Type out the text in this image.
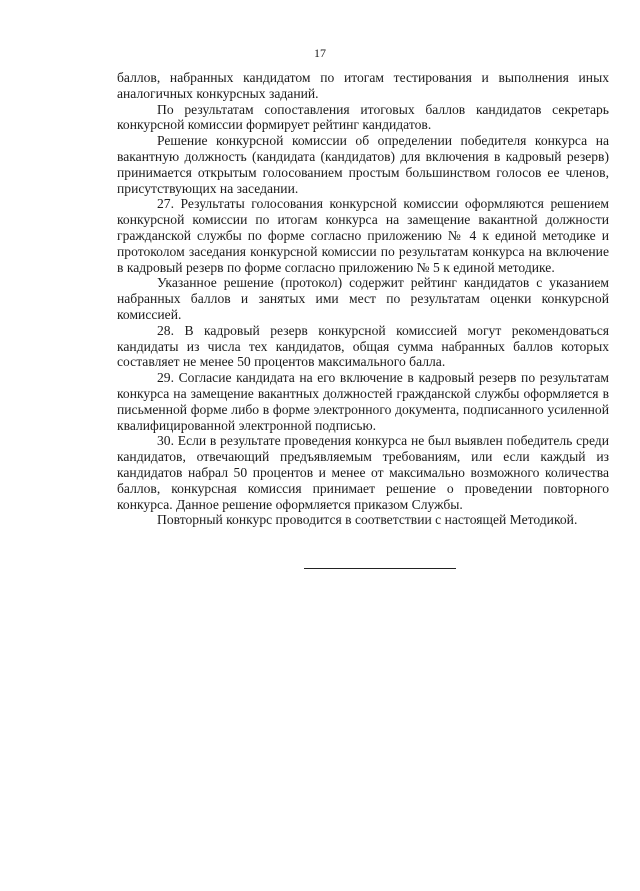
17

баллов, набранных кандидатом по итогам тестирования и выполнения иных аналогичных конкурсных заданий.

По результатам сопоставления итоговых баллов кандидатов секретарь конкурсной комиссии формирует рейтинг кандидатов.

Решение конкурсной комиссии об определении победителя конкурса на вакантную должность (кандидата (кандидатов) для включения в кадровый резерв) принимается открытым голосованием простым большинством голосов ее членов, присутствующих на заседании.

27. Результаты голосования конкурсной комиссии оформляются решением конкурсной комиссии по итогам конкурса на замещение вакантной должности гражданской службы по форме согласно приложению № 4 к единой методике и протоколом заседания конкурсной комиссии по результатам конкурса на включение в кадровый резерв по форме согласно приложению № 5 к единой методике.

Указанное решение (протокол) содержит рейтинг кандидатов с указанием набранных баллов и занятых ими мест по результатам оценки конкурсной комиссией.

28. В кадровый резерв конкурсной комиссией могут рекомендоваться кандидаты из числа тех кандидатов, общая сумма набранных баллов которых составляет не менее 50 процентов максимального балла.

29. Согласие кандидата на его включение в кадровый резерв по результатам конкурса на замещение вакантных должностей гражданской службы оформляется в письменной форме либо в форме электронного документа, подписанного усиленной квалифицированной электронной подписью.

30. Если в результате проведения конкурса не был выявлен победитель среди кандидатов, отвечающий предъявляемым требованиям, или если каждый из кандидатов набрал 50 процентов и менее от максимально возможного количества баллов, конкурсная комиссия принимает решение о проведении повторного конкурса. Данное решение оформляется приказом Службы.

Повторный конкурс проводится в соответствии с настоящей Методикой.
